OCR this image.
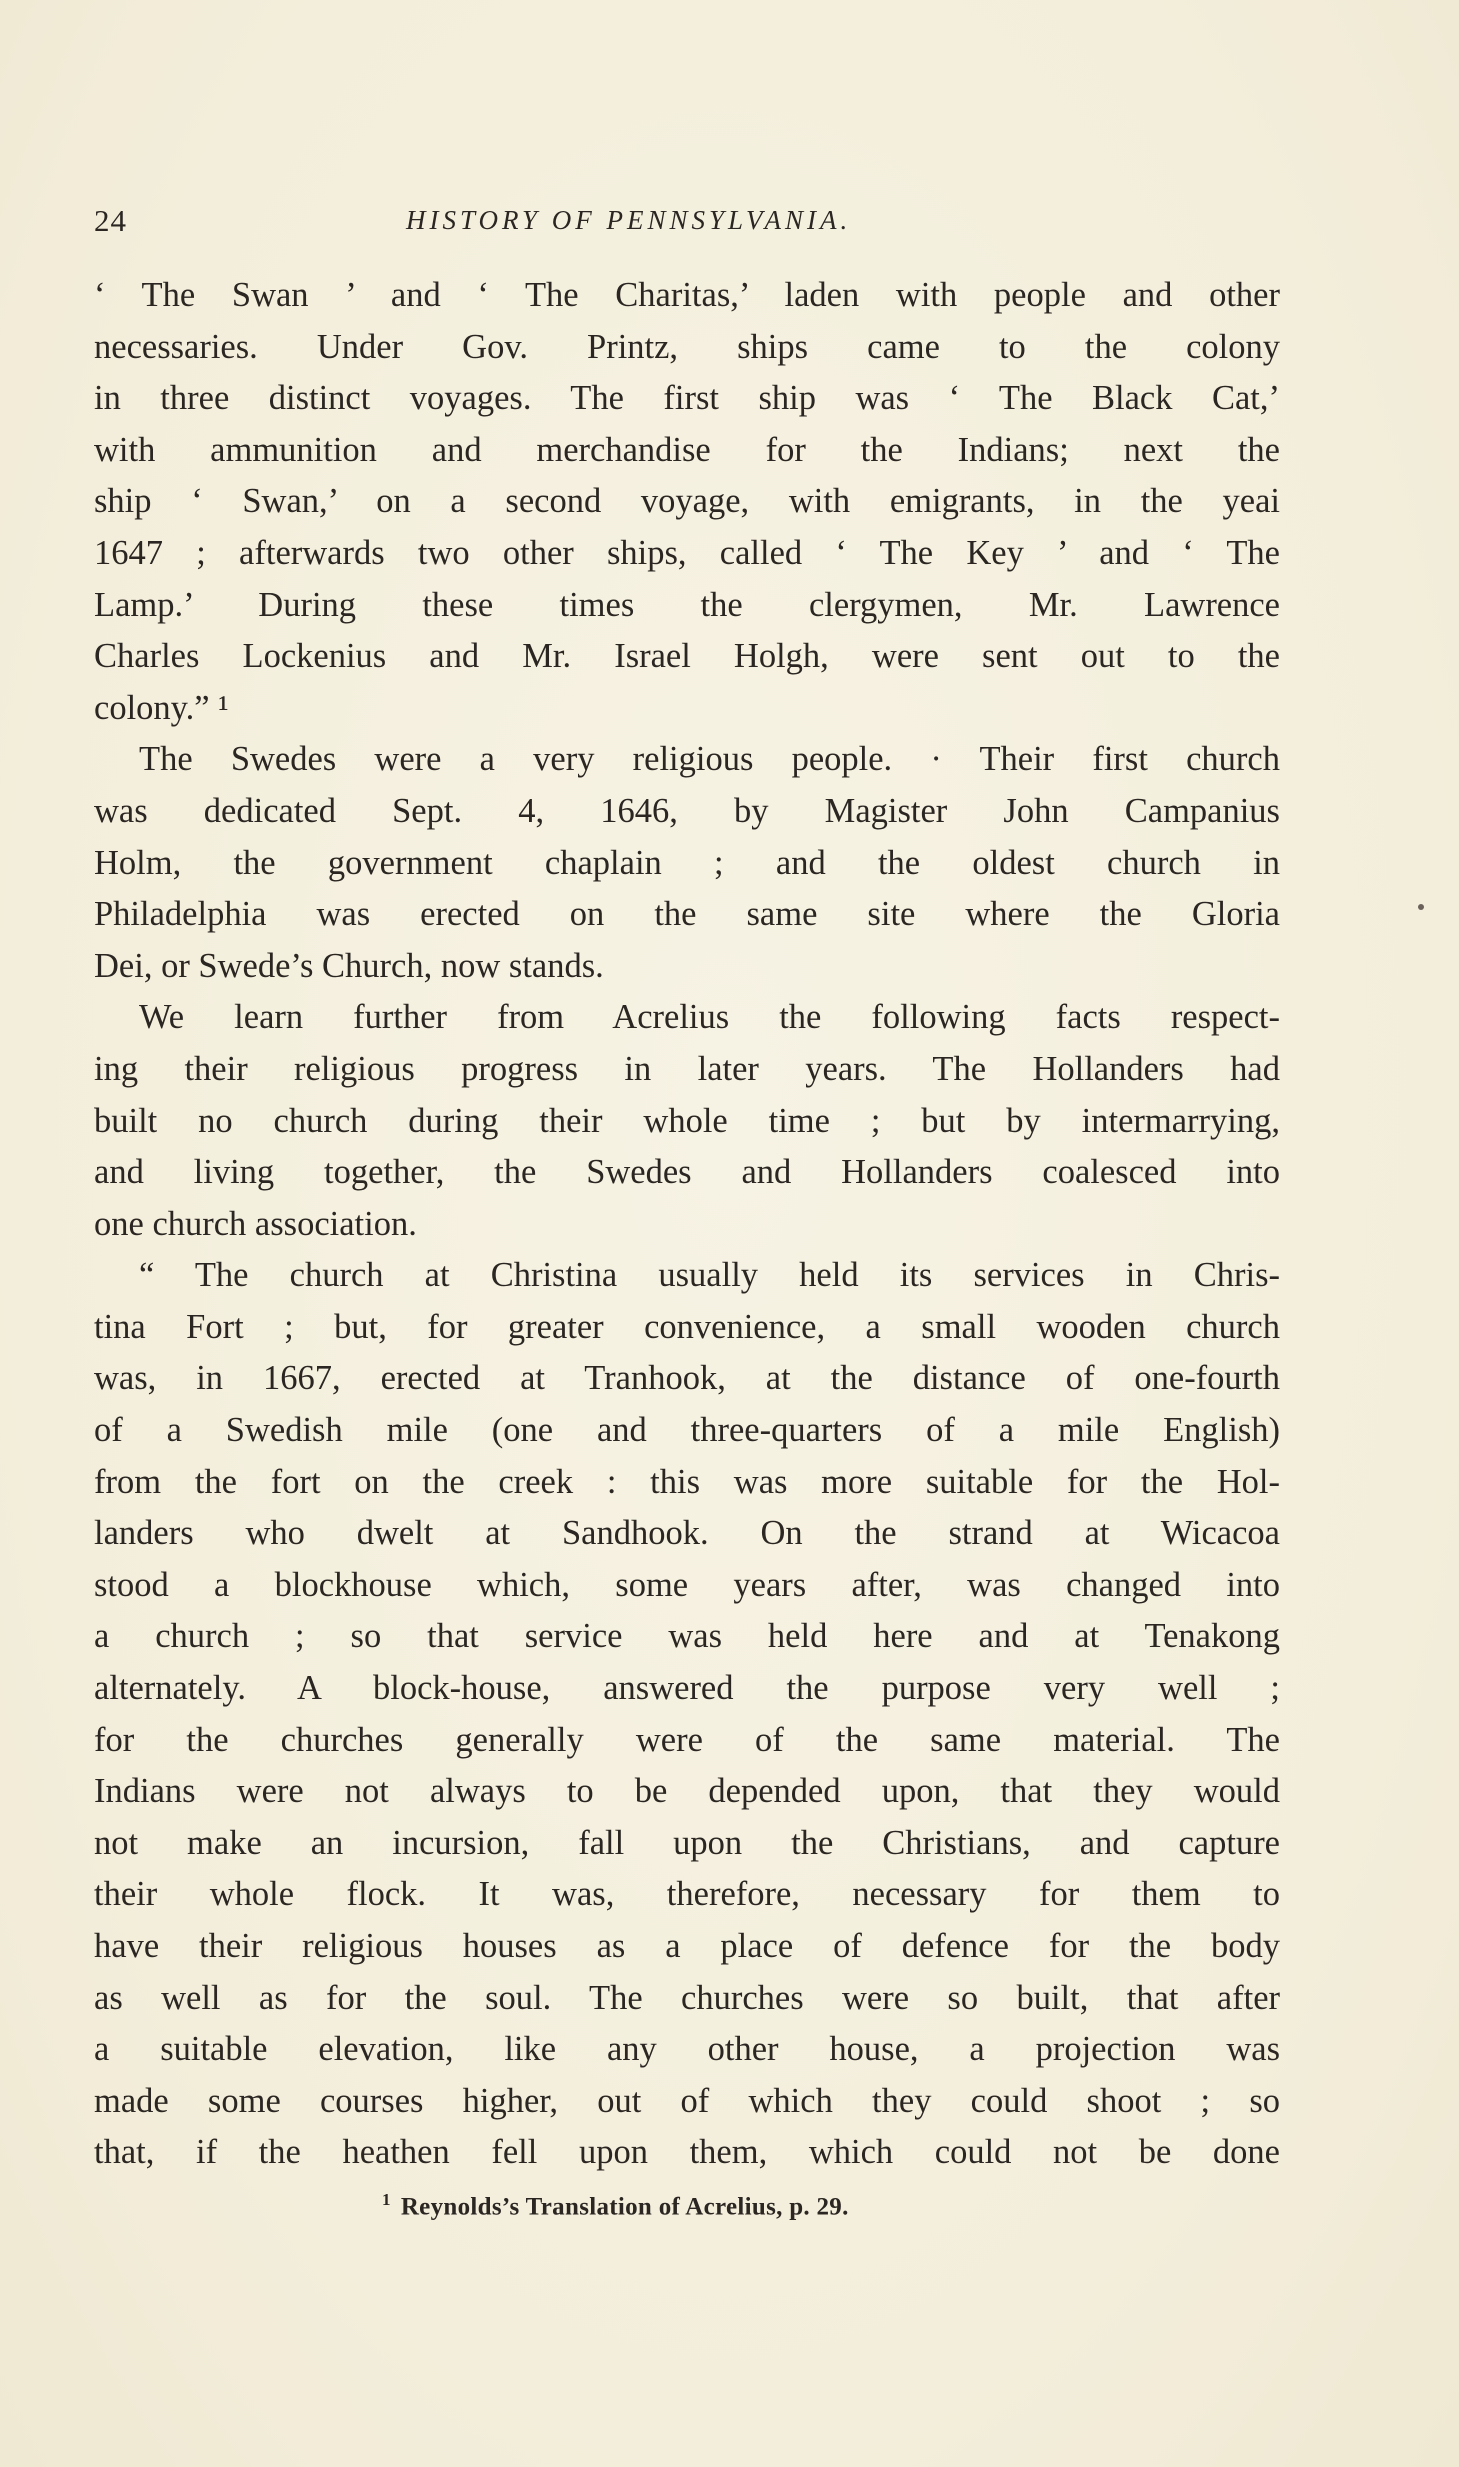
24	HISTORY OF PENNSYLVANIA.
‘ The Swan ’ and ‘ The Charitas,’ laden with people and other
necessaries. Under Gov. Printz, ships came to the colony
in three distinct voyages. The first ship was ‘ The Black Cat,’
with ammunition and merchandise for the Indians; next the
ship ‘ Swan,’ on a second voyage, with emigrants, in the yeai
1647 ; afterwards two other ships, called ‘ The Key ’ and ‘ The
Lamp.’ During these times the clergymen, Mr. Lawrence
Charles Lockenius and Mr. Israel Holgh, were sent out to the
colony.” ¹
The Swedes were a very religious people. · Their first church
was dedicated Sept. 4, 1646, by Magister John Campanius
Holm, the government chaplain ; and the oldest church in
Philadelphia was erected on the same site where the Gloria
Dei, or Swede’s Church, now stands.
We learn further from Acrelius the following facts respect-
ing their religious progress in later years. The Hollanders had
built no church during their whole time ; but by intermarrying,
and living together, the Swedes and Hollanders coalesced into
one church association.
“ The church at Christina usually held its services in Chris-
tina Fort ; but, for greater convenience, a small wooden church
was, in 1667, erected at Tranhook, at the distance of one-fourth
of a Swedish mile (one and three-quarters of a mile English)
from the fort on the creek : this was more suitable for the Hol-
landers who dwelt at Sandhook. On the strand at Wicacoa
stood a blockhouse which, some years after, was changed into
a church ; so that service was held here and at Tenakong
alternately. A block-house, answered the purpose very well ;
for the churches generally were of the same material. The
Indians were not always to be depended upon, that they would
not make an incursion, fall upon the Christians, and capture
their whole flock. It was, therefore, necessary for them to
have their religious houses as a place of defence for the body
as well as for the soul. The churches were so built, that after
a suitable elevation, like any other house, a projection was
made some courses higher, out of which they could shoot ; so
that, if the heathen fell upon them, which could not be done
$^1$ Reynolds’s Translation of Acrelius, p. 29.
